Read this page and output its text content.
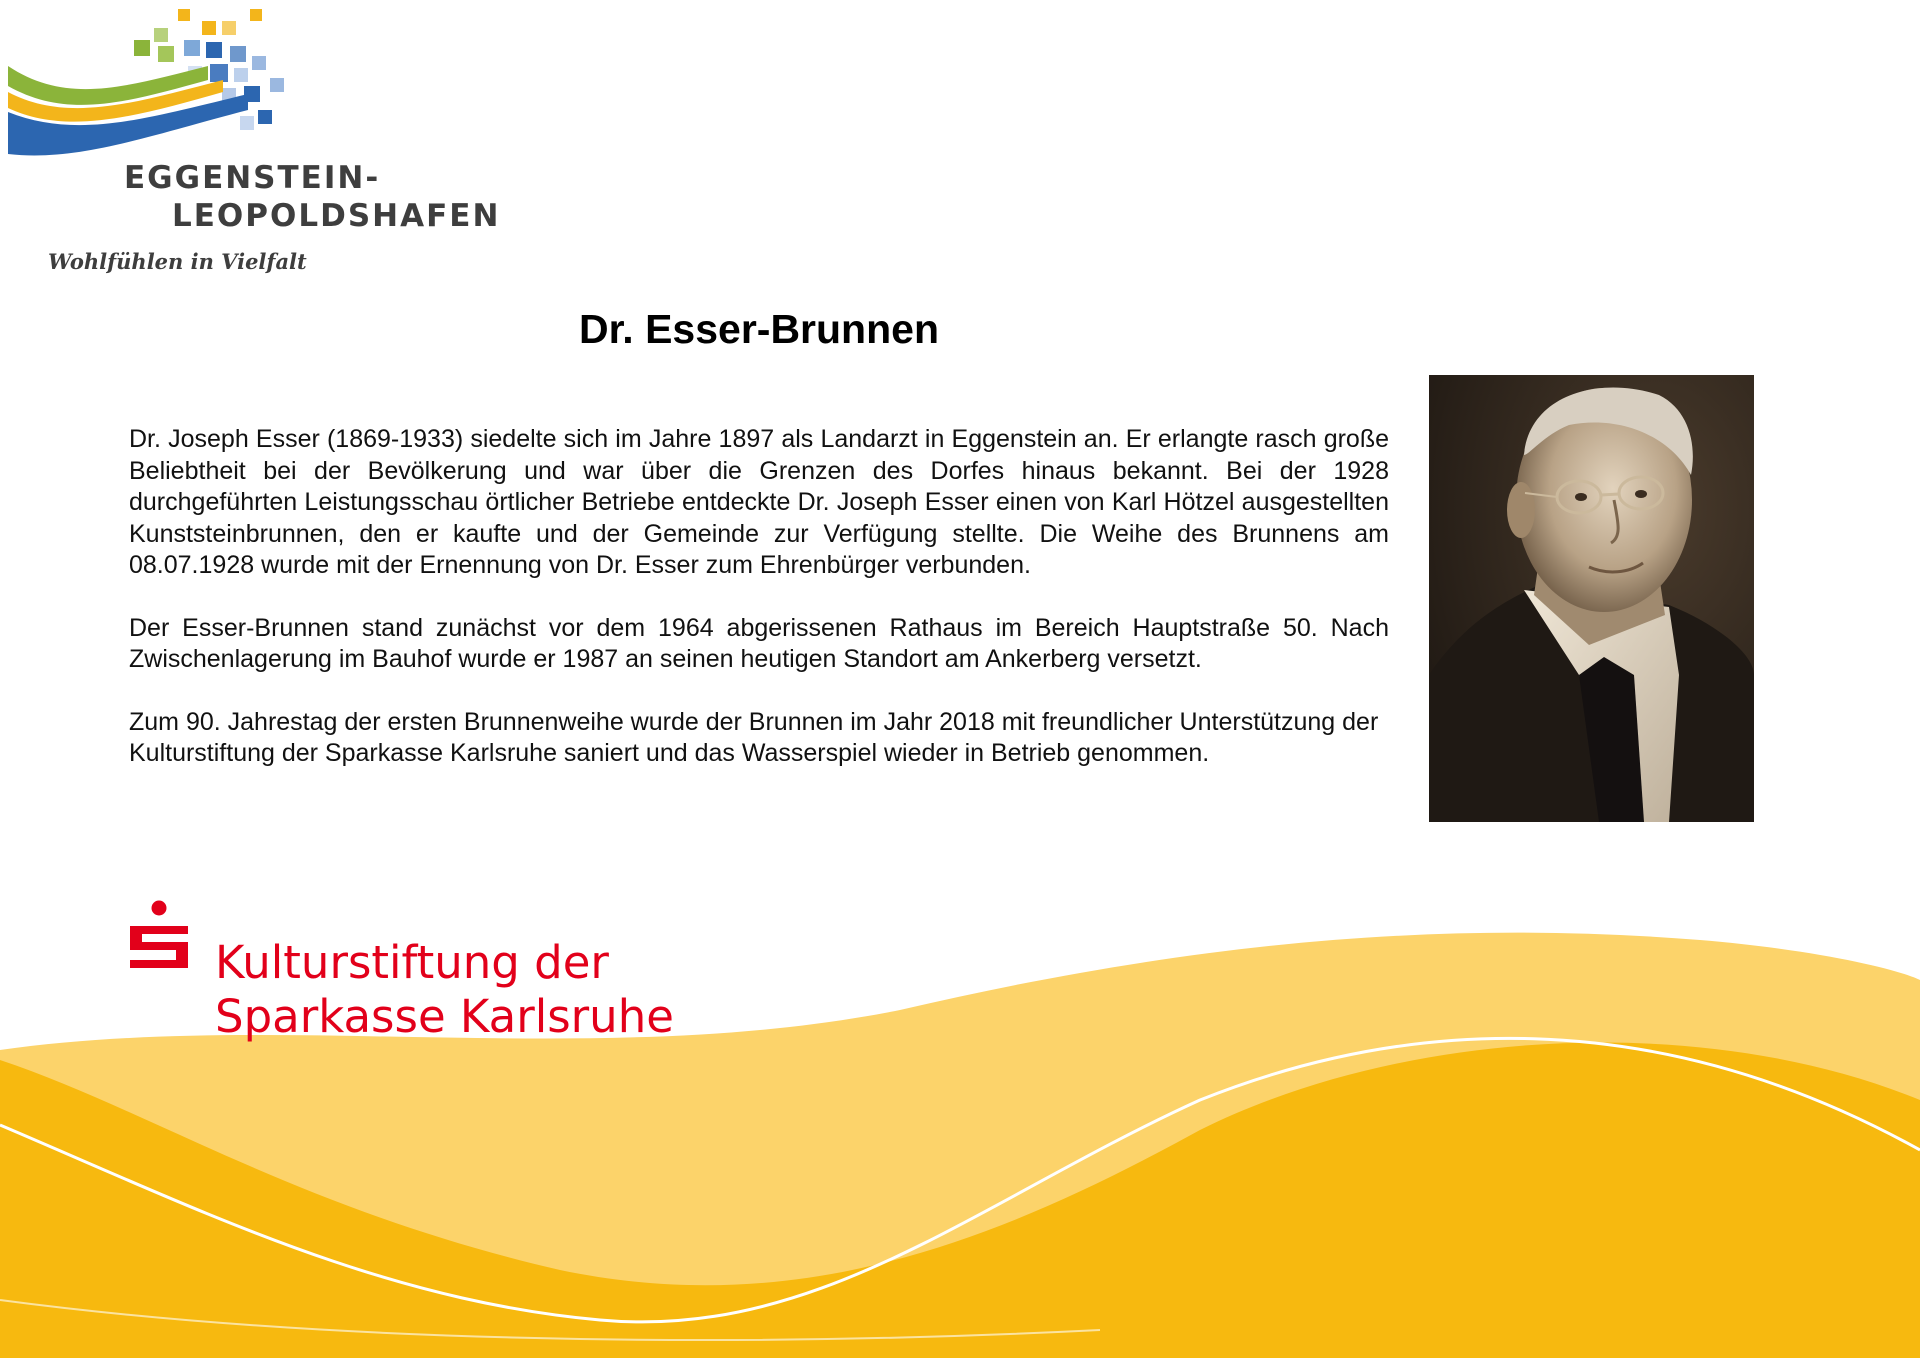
EGGENSTEIN-
LEOPOLDSHAFEN
Wohlfühlen in Vielfalt
Dr. Esser-Brunnen

Dr. Joseph Esser (1869-1933) siedelte sich im Jahre 1897 als Landarzt in Eggenstein an. Er erlangte rasch große Beliebtheit bei der Bevölkerung und war über die Grenzen des Dorfes hinaus bekannt. Bei der 1928 durchgeführten Leistungsschau örtlicher Betriebe entdeckte Dr. Joseph Esser einen von Karl Hötzel ausgestellten Kunststeinbrunnen, den er kaufte und der Gemeinde zur Verfügung stellte. Die Weihe des Brunnens am 08.07.1928 wurde mit der Ernennung von Dr. Esser zum Ehrenbürger verbunden.

Der Esser-Brunnen stand zunächst vor dem 1964 abgerissenen Rathaus im Bereich Hauptstraße 50. Nach Zwischenlagerung im Bauhof wurde er 1987 an seinen heutigen Standort am Ankerberg versetzt.

Zum 90. Jahrestag der ersten Brunnenweihe wurde der Brunnen im Jahr 2018 mit freundlicher Unterstützung der Kulturstiftung der Sparkasse Karlsruhe saniert und das Wasserspiel wieder in Betrieb genommen.

Kulturstiftung der
Sparkasse Karlsruhe
